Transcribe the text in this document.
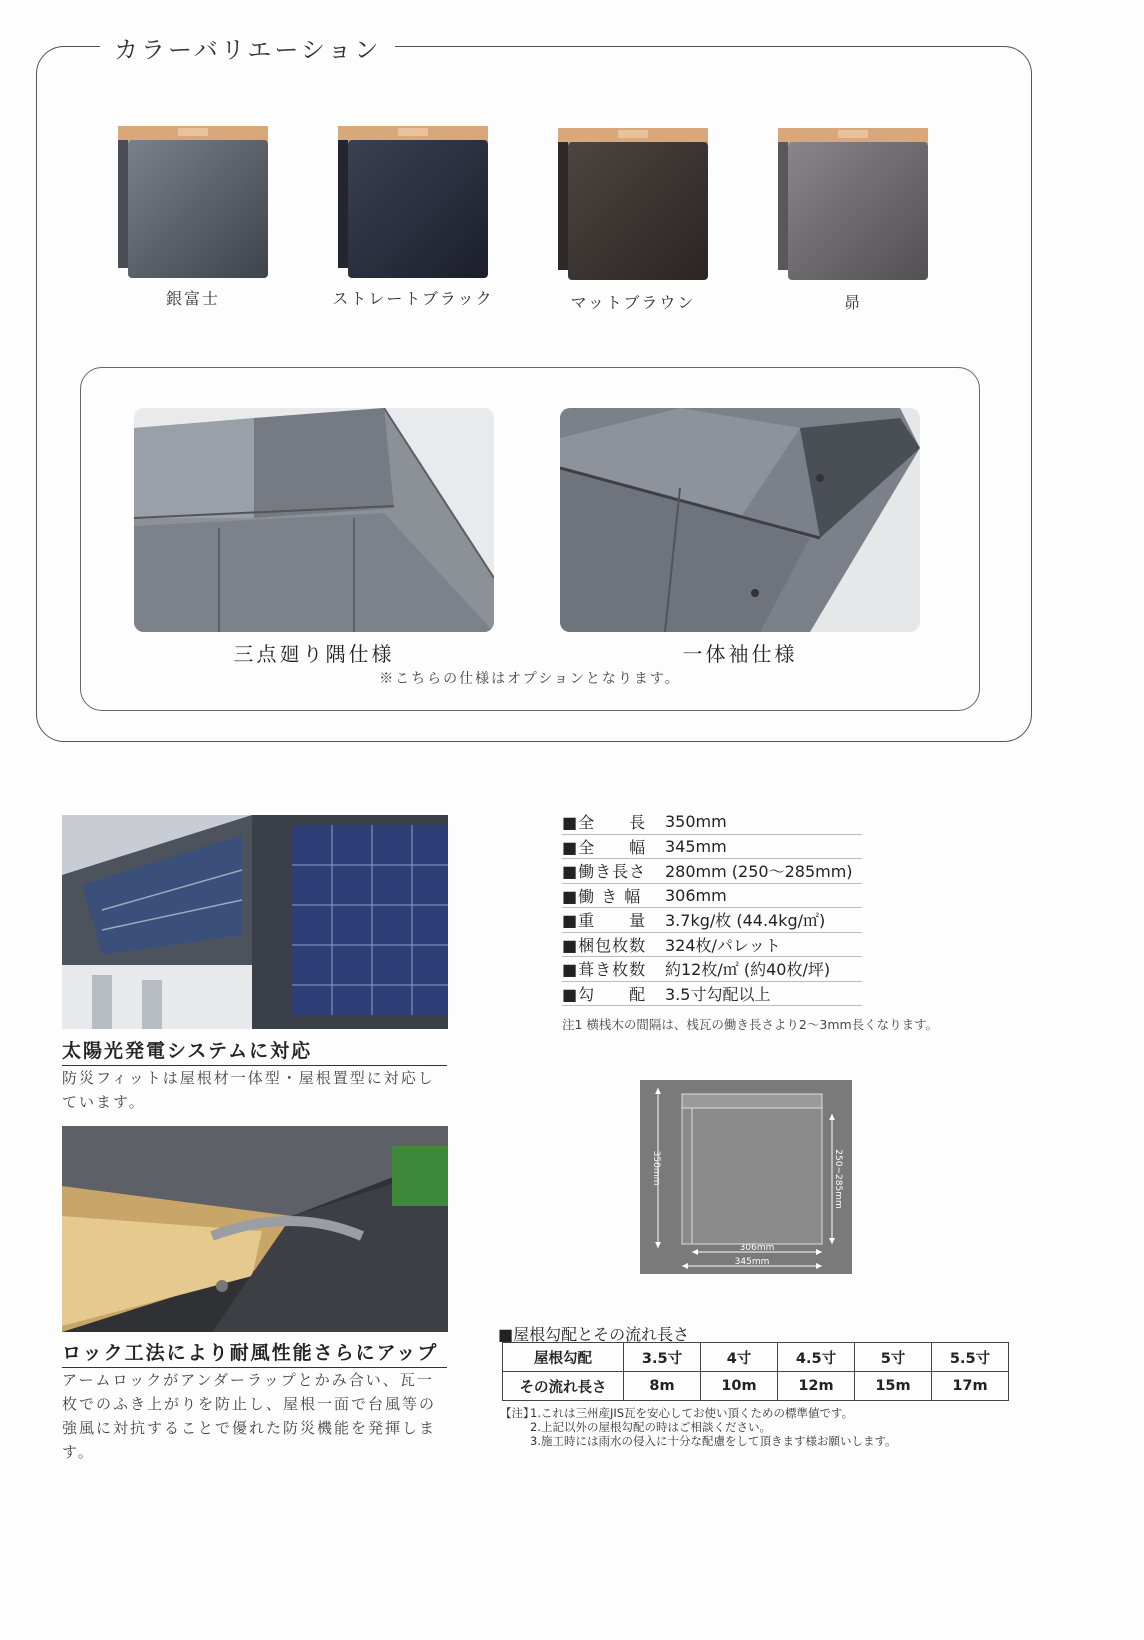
カラーバリエーション
銀富士	ストレートブラック	マットブラウン	昴
三点廻り隅仕様	一体袖仕様
※こちらの仕様はオプションとなります。
太陽光発電システムに対応
防災フィットは屋根材一体型・屋根置型に対応しています。
ロック工法により耐風性能さらにアップ
アームロックがアンダーラップとかみ合い、瓦一枚でのふき上がりを防止し、屋根一面で台風等の強風に対抗することで優れた防災機能を発揮します。
■全　　長	350mm
■全　　幅	345mm
■働き長さ	280mm (250〜285mm)
■働 き 幅	306mm
■重　　量	3.7kg/枚 (44.4kg/㎡)
■梱包枚数	324枚/パレット
■葺き枚数	約12枚/㎡ (約40枚/坪)
■勾　　配	3.5寸勾配以上
注1 横桟木の間隔は、桟瓦の働き長さより2〜3mm長くなります。
350mm	250~285mm
306mm
345mm
■屋根勾配とその流れ長さ
屋根勾配	3.5寸	4寸	4.5寸	5寸	5.5寸
その流れ長さ	8m	10m	12m	15m	17m
【注】
1.これは三州産JIS瓦を安心してお使い頂くための標準値です。
2.上記以外の屋根勾配の時はご相談ください。
3.施工時には雨水の侵入に十分な配慮をして頂きます様お願いします。
